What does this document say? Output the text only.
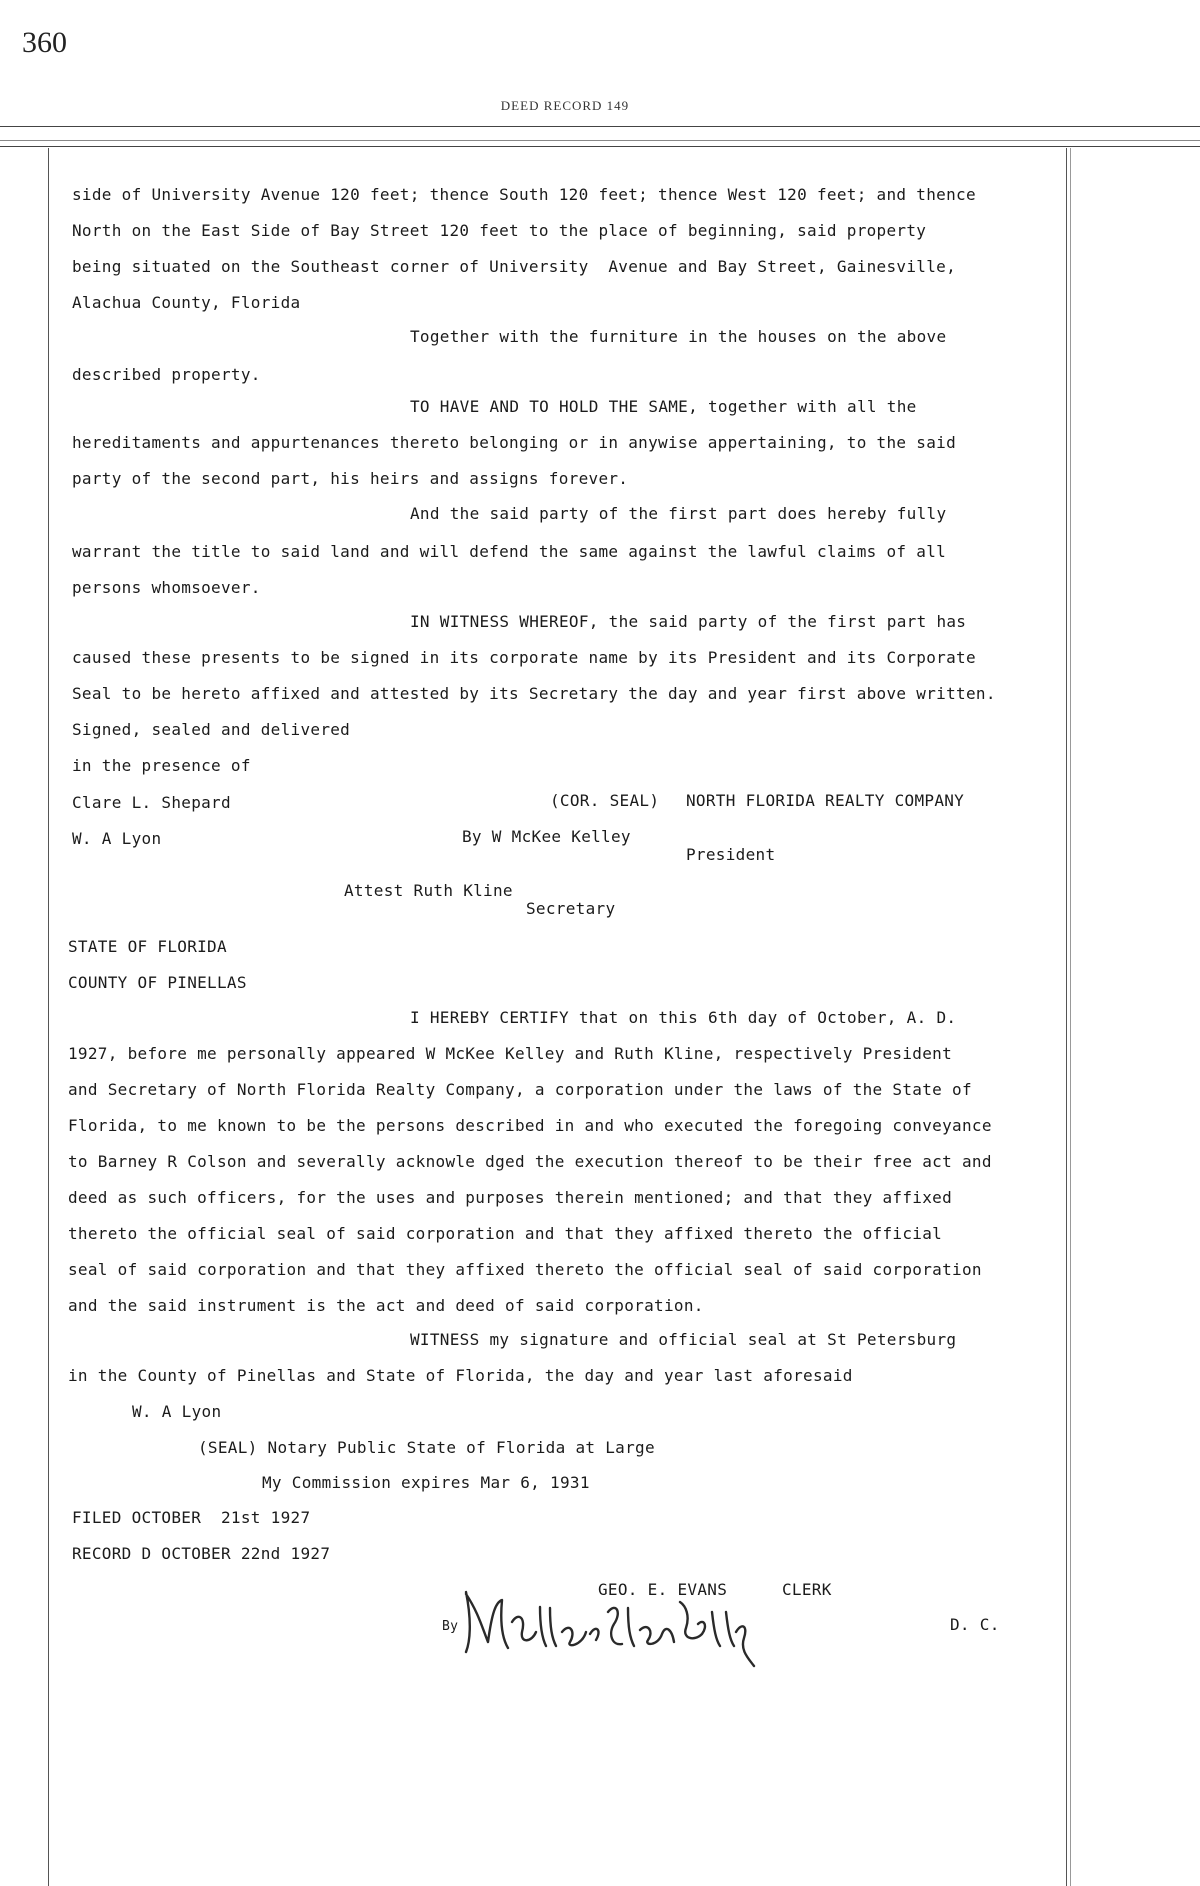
360
DEED RECORD 149
side of University Avenue 120 feet; thence South 120 feet; thence West 120 feet; and thence
North on the East Side of Bay Street 120 feet to the place of beginning, said property
being situated on the Southeast corner of University  Avenue and Bay Street, Gainesville,
Alachua County, Florida
Together with the furniture in the houses on the above
described property.
TO HAVE AND TO HOLD THE SAME, together with all the
hereditaments and appurtenances thereto belonging or in anywise appertaining, to the said
party of the second part, his heirs and assigns forever.
And the said party of the first part does hereby fully
warrant the title to said land and will defend the same against the lawful claims of all
persons whomsoever.
IN WITNESS WHEREOF, the said party of the first part has
caused these presents to be signed in its corporate name by its President and its Corporate
Seal to be hereto affixed and attested by its Secretary the day and year first above written.
Signed, sealed and delivered
in the presence of
Clare L. Shepard	(COR. SEAL) NORTH FLORIDA REALTY COMPANY
W. A Lyon	By W McKee Kelley
President
Attest Ruth Kline
Secretary
STATE OF FLORIDA
COUNTY OF PINELLAS
I HEREBY CERTIFY that on this 6th day of October, A. D.
1927, before me personally appeared W McKee Kelley and Ruth Kline, respectively President
and Secretary of North Florida Realty Company, a corporation under the laws of the State of
Florida, to me known to be the persons described in and who executed the foregoing conveyance
to Barney R Colson and severally acknowle dged the execution thereof to be their free act and
deed as such officers, for the uses and purposes therein mentioned; and that they affixed
thereto the official seal of said corporation and that they affixed thereto the official
seal of said corporation and that they affixed thereto the official seal of said corporation
and the said instrument is the act and deed of said corporation.
WITNESS my signature and official seal at St Petersburg
in the County of Pinellas and State of Florida, the day and year last aforesaid
W. A Lyon
(SEAL) Notary Public State of Florida at Large
My Commission expires Mar 6, 1931
FILED OCTOBER  21st 1927
RECORD D OCTOBER 22nd 1927
GEO. E. EVANS	CLERK
By	D. C.
